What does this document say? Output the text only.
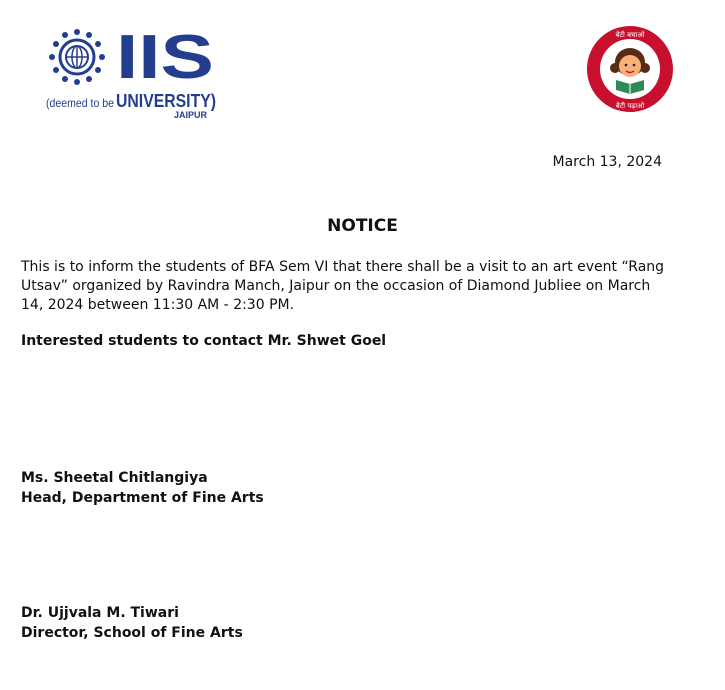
IIS
(deemed to be UNIVERSITY)
JAIPUR
बेटी बचाओ
बेटी पढ़ाओ
March 13, 2024
NOTICE
This is to inform the students of BFA Sem VI that there shall be a visit to an art event “Rang Utsav” organized by Ravindra Manch, Jaipur on the occasion of Diamond Jubliee on March 14, 2024 between 11:30 AM - 2:30 PM.
Interested students to contact Mr. Shwet Goel
Ms. Sheetal Chitlangiya
Head, Department of Fine Arts
Dr. Ujjvala M. Tiwari
Director, School of Fine Arts
